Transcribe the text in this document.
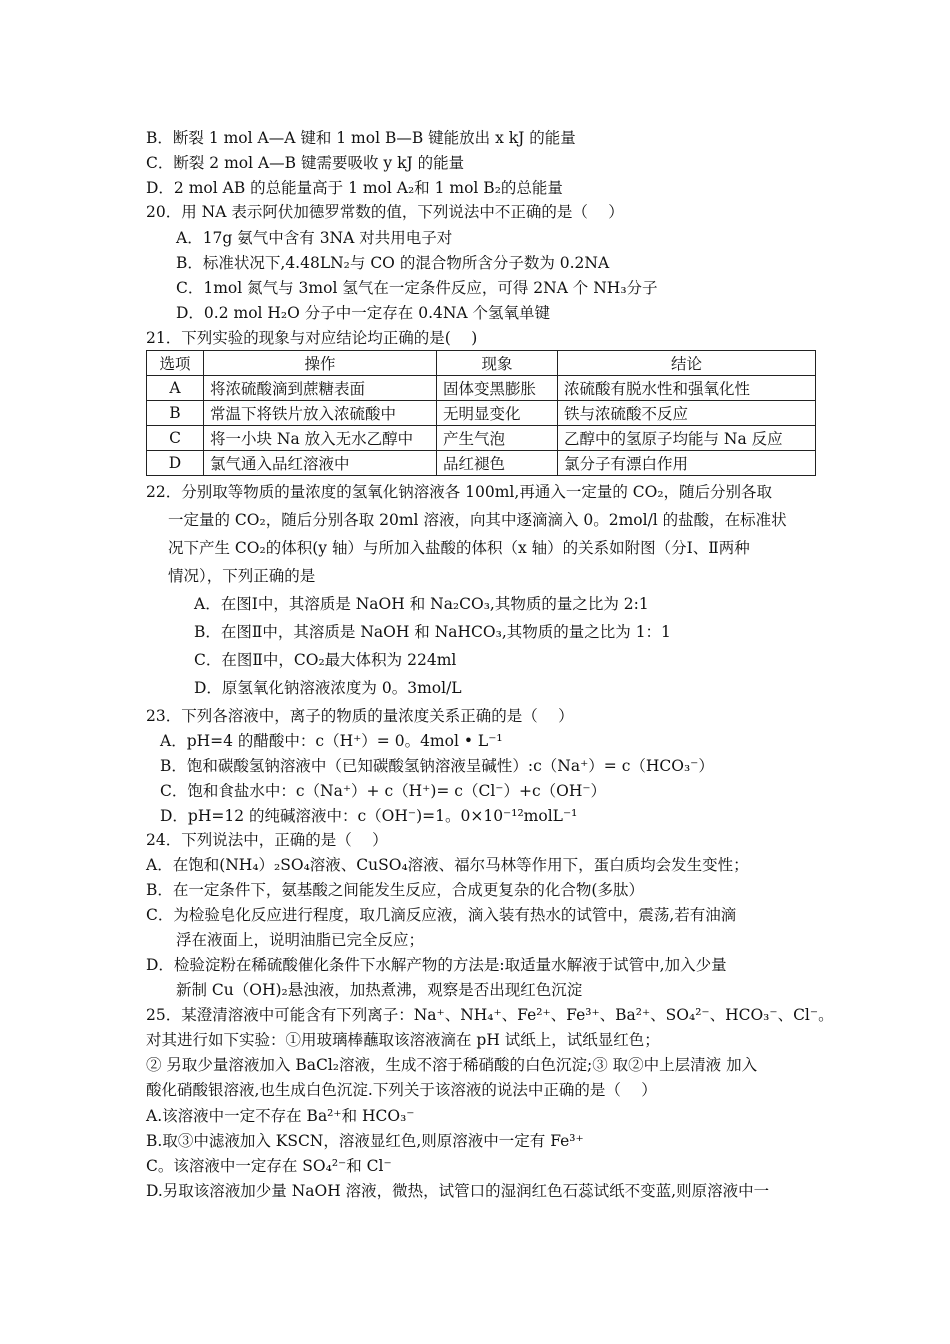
B．断裂 1 mol A—A 键和 1 mol B—B 键能放出 x kJ 的能量
C．断裂 2 mol A—B 键需要吸收 y kJ 的能量
D．2 mol AB 的总能量高于 1 mol A₂和 1 mol B₂的总能量
20．用 NA 表示阿伏加德罗常数的值，下列说法中不正确的是（　 ）
A．17g 氨气中含有 3NA 对共用电子对
B．标准状况下,4.48LN₂与 CO 的混合物所含分子数为 0.2NA
C．1mol 氮气与 3mol 氢气在一定条件反应，可得 2NA 个 NH₃分子
D．0.2 mol H₂O 分子中一定存在 0.4NA 个氢氧单键
21．下列实验的现象与对应结论均正确的是(　 )
选项	操作	现象	结论
A	将浓硫酸滴到蔗糖表面	固体变黑膨胀	浓硫酸有脱水性和强氧化性
B	常温下将铁片放入浓硫酸中	无明显变化	铁与浓硫酸不反应
C	将一小块 Na 放入无水乙醇中	产生气泡	乙醇中的氢原子均能与 Na 反应
D	氯气通入品红溶液中	品红褪色	氯分子有漂白作用
22．分别取等物质的量浓度的氢氧化钠溶液各 100ml,再通入一定量的 CO₂，随后分别各取
一定量的 CO₂，随后分别各取 20ml 溶液，向其中逐滴滴入 0。2mol/l 的盐酸，在标准状
况下产生 CO₂的体积(y 轴）与所加入盐酸的体积（x 轴）的关系如附图（分Ⅰ、Ⅱ两种
情况），下列正确的是
A．在图Ⅰ中，其溶质是 NaOH 和 Na₂CO₃,其物质的量之比为 2:1
B．在图Ⅱ中，其溶质是 NaOH 和 NaHCO₃,其物质的量之比为 1：1
C．在图Ⅱ中，CO₂最大体积为 224ml
D．原氢氧化钠溶液浓度为 0。3mol/L
23．下列各溶液中，离子的物质的量浓度关系正确的是（　 ）
A．pH=4 的醋酸中：c（H⁺）= 0。4mol • L⁻¹
B．饱和碳酸氢钠溶液中（已知碳酸氢钠溶液呈碱性）:c（Na⁺）= c（HCO₃⁻）
C．饱和食盐水中：c（Na⁺）+ c（H⁺)= c（Cl⁻）+c（OH⁻）
D．pH=12 的纯碱溶液中：c（OH⁻)=1。0×10⁻¹²molL⁻¹
24．下列说法中，正确的是（　 ）
A．在饱和(NH₄）₂SO₄溶液、CuSO₄溶液、福尔马林等作用下，蛋白质均会发生变性；
B．在一定条件下，氨基酸之间能发生反应，合成更复杂的化合物(多肽）
C．为检验皂化反应进行程度，取几滴反应液，滴入装有热水的试管中，震荡,若有油滴
浮在液面上，说明油脂已完全反应；
D．检验淀粉在稀硫酸催化条件下水解产物的方法是:取适量水解液于试管中,加入少量
新制 Cu（OH)₂悬浊液，加热煮沸，观察是否出现红色沉淀
25．某澄清溶液中可能含有下列离子：Na⁺、NH₄⁺、Fe²⁺、Fe³⁺、Ba²⁺、SO₄²⁻、HCO₃⁻、Cl⁻。
对其进行如下实验：①用玻璃棒蘸取该溶液滴在 pH 试纸上，试纸显红色；
② 另取少量溶液加入 BaCl₂溶液，生成不溶于稀硝酸的白色沉淀;③ 取②中上层清液 加入
酸化硝酸银溶液,也生成白色沉淀.下列关于该溶液的说法中正确的是（　 ）
A.该溶液中一定不存在 Ba²⁺和 HCO₃⁻
B.取③中滤液加入 KSCN，溶液显红色,则原溶液中一定有 Fe³⁺
C。该溶液中一定存在 SO₄²⁻和 Cl⁻
D.另取该溶液加少量 NaOH 溶液，微热，试管口的湿润红色石蕊试纸不变蓝,则原溶液中一
